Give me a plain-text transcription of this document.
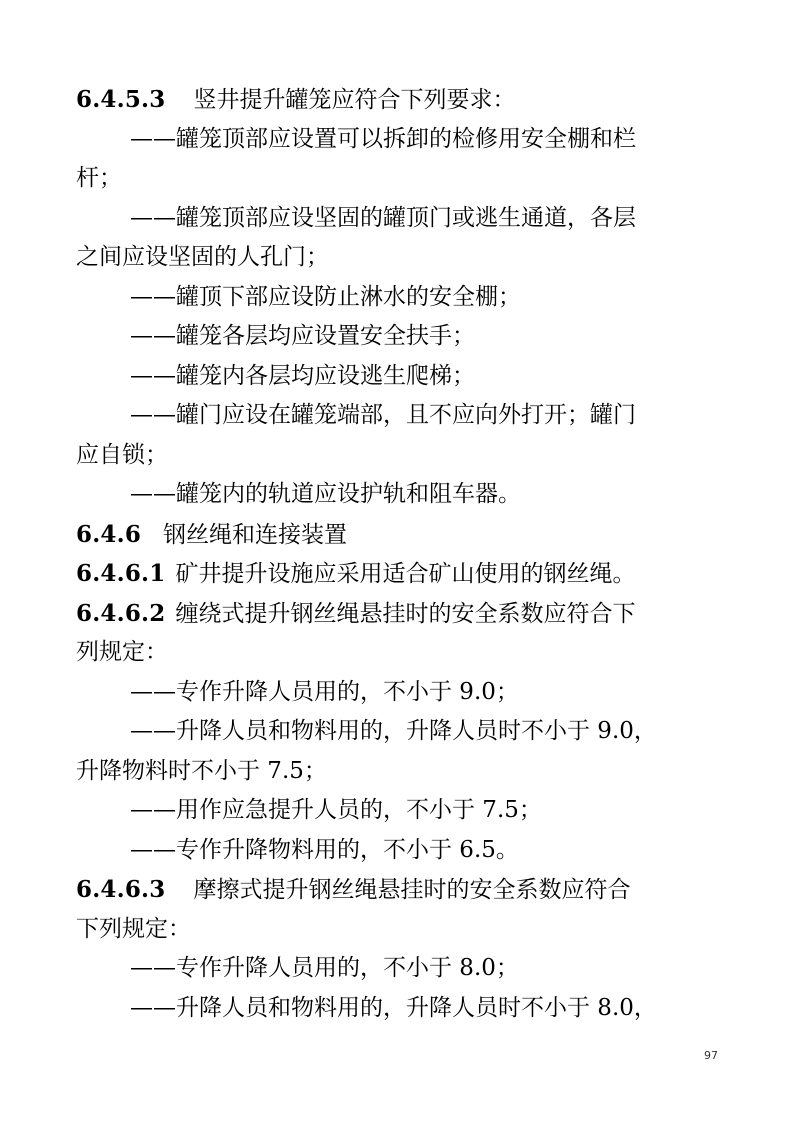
6.4.5.3 竖井提升罐笼应符合下列要求：
——罐笼顶部应设置可以拆卸的检修用安全棚和栏
杆；
——罐笼顶部应设坚固的罐顶门或逃生通道，各层
之间应设坚固的人孔门；
——罐顶下部应设防止淋水的安全棚；
——罐笼各层均应设置安全扶手；
——罐笼内各层均应设逃生爬梯；
——罐门应设在罐笼端部，且不应向外打开；罐门
应自锁；
——罐笼内的轨道应设护轨和阻车器。
6.4.6 钢丝绳和连接装置
6.4.6.1 矿井提升设施应采用适合矿山使用的钢丝绳。
6.4.6.2 缠绕式提升钢丝绳悬挂时的安全系数应符合下
列规定：
——专作升降人员用的，不小于 9.0；
——升降人员和物料用的，升降人员时不小于 9.0，
升降物料时不小于 7.5；
——用作应急提升人员的，不小于 7.5；
——专作升降物料用的，不小于 6.5。
6.4.6.3 摩擦式提升钢丝绳悬挂时的安全系数应符合
下列规定：
——专作升降人员用的，不小于 8.0；
——升降人员和物料用的，升降人员时不小于 8.0，
97
